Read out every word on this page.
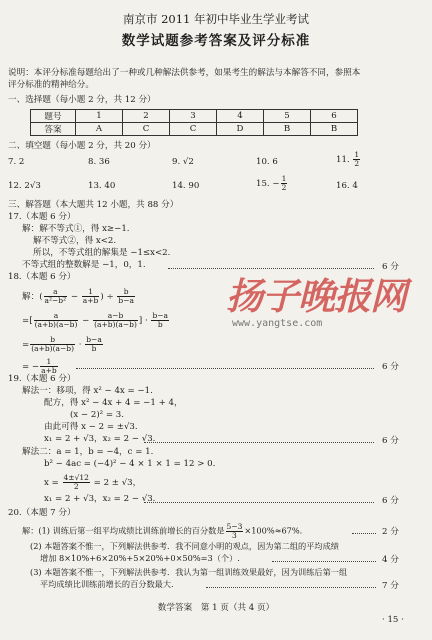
南京市 2011 年初中毕业生学业考试
数学试题参考答案及评分标准
说明：本评分标准每题给出了一种或几种解法供参考，如果考生的解法与本解答不同，参照本
评分标准的精神给分。
一、选择题（每小题 2 分，共 12 分）
题号	1	2	3	4	5	6
答案	A	C	C	D	B	B
二、填空题（每小题 2 分，共 20 分）
7. 2	8. 36	9. √2	10. 6	11. $\frac{1}{2}$
12. 2√3	13. 40	14. 90	15. − $\frac{1}{2}$	16. 4
三、解答题（本大题共 12 小题，共 88 分）
17.（本题 6 分）
解：解不等式①，得 x≥−1.
解不等式②，得 x<2.
所以，不等式组的解集是 −1≤x<2.
不等式组的整数解是 −1，0，1.	6 分
18.（本题 6 分）
解：( $\frac{a}{\text{a²−b²}} - \frac{1}{a+b}$ ) ÷ $\frac{b}{b-a}$
=[ $\frac{a}{(a+b)(a-b)} - \frac{a-b}{(a+b)(a-b)}$ ] · $\frac{b-a}{b}$
= $\frac{b}{(a+b)(a-b)} \cdot \frac{b-a}{b}$
= − $\frac{1}{a+b}$	6 分
19.（本题 6 分）
解法一：移项，得 x² − 4x = −1.
配方，得 x² − 4x + 4 = −1 + 4，
(x − 2)² = 3.
由此可得 x − 2 = ±√3.
x₁ = 2 + √3，x₂ = 2 − √3.	6 分
解法二：a = 1，b = −4，c = 1.
b² − 4ac = (−4)² − 4 × 1 × 1 = 12 > 0.
$x = \frac{4\pm√12}{2} = 2 \pm √3$，
x₁ = 2 + √3，x₂ = 2 − √3.	6 分
20.（本题 7 分）
解：(1) 训练后第一组平均成绩比训练前增长的百分数是 $\frac{5-3}{3} \times 100\%\approx 67\%$.	2 分
(2) 本题答案不惟一，下列解法供参考．我不同意小明的观点，因为第二组的平均成绩
增加 8×10%+6×20%+5×20%+0×50%=3（个）.	4 分
(3) 本题答案不惟一，下列解法供参考．我认为第一组训练效果最好，因为训练后第一组
平均成绩比训练前增长的百分数最大.	7 分
数学答案　第 1 页（共 4 页）
· 15 ·
扬子晚报网
www.yangtse.com
